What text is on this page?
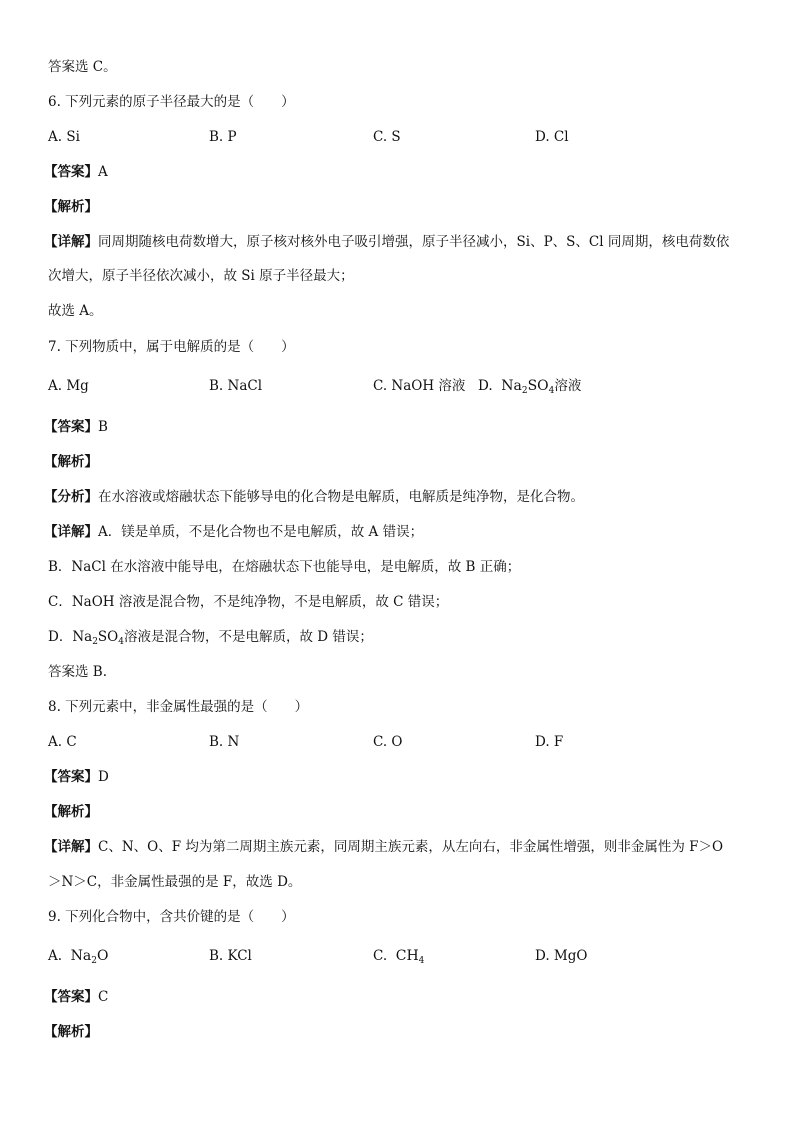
答案选 C。
6. 下列元素的原子半径最大的是（　　）
A. Si	B. P	C. S	D. Cl
【答案】A
【解析】
【详解】同周期随核电荷数增大，原子核对核外电子吸引增强，原子半径减小，Si、P、S、Cl 同周期，核电荷数依
次增大，原子半径依次减小，故 Si 原子半径最大；
故选 A。
7. 下列物质中，属于电解质的是（　　）
A. Mg	B. NaCl	C. NaOH 溶液 D. $Na_2SO_4$溶液
【答案】B
【解析】
【分析】在水溶液或熔融状态下能够导电的化合物是电解质，电解质是纯净物，是化合物。
【详解】A．镁是单质，不是化合物也不是电解质，故 A 错误；
B．NaCl 在水溶液中能导电，在熔融状态下也能导电，是电解质，故 B 正确；
C．NaOH 溶液是混合物，不是纯净物，不是电解质，故 C 错误；
D．$Na_2SO_4$溶液是混合物，不是电解质，故 D 错误；
答案选 B.
8. 下列元素中，非金属性最强的是（　　）
A. C	B. N	C. O	D. F
【答案】D
【解析】
【详解】C、N、O、F 均为第二周期主族元素，同周期主族元素，从左向右，非金属性增强，则非金属性为 F＞O
＞N＞C，非金属性最强的是 F，故选 D。
9. 下列化合物中，含共价键的是（　　）
A. $Na_2O$	B. KCl	C. $CH_4$	D. MgO
【答案】C
【解析】
